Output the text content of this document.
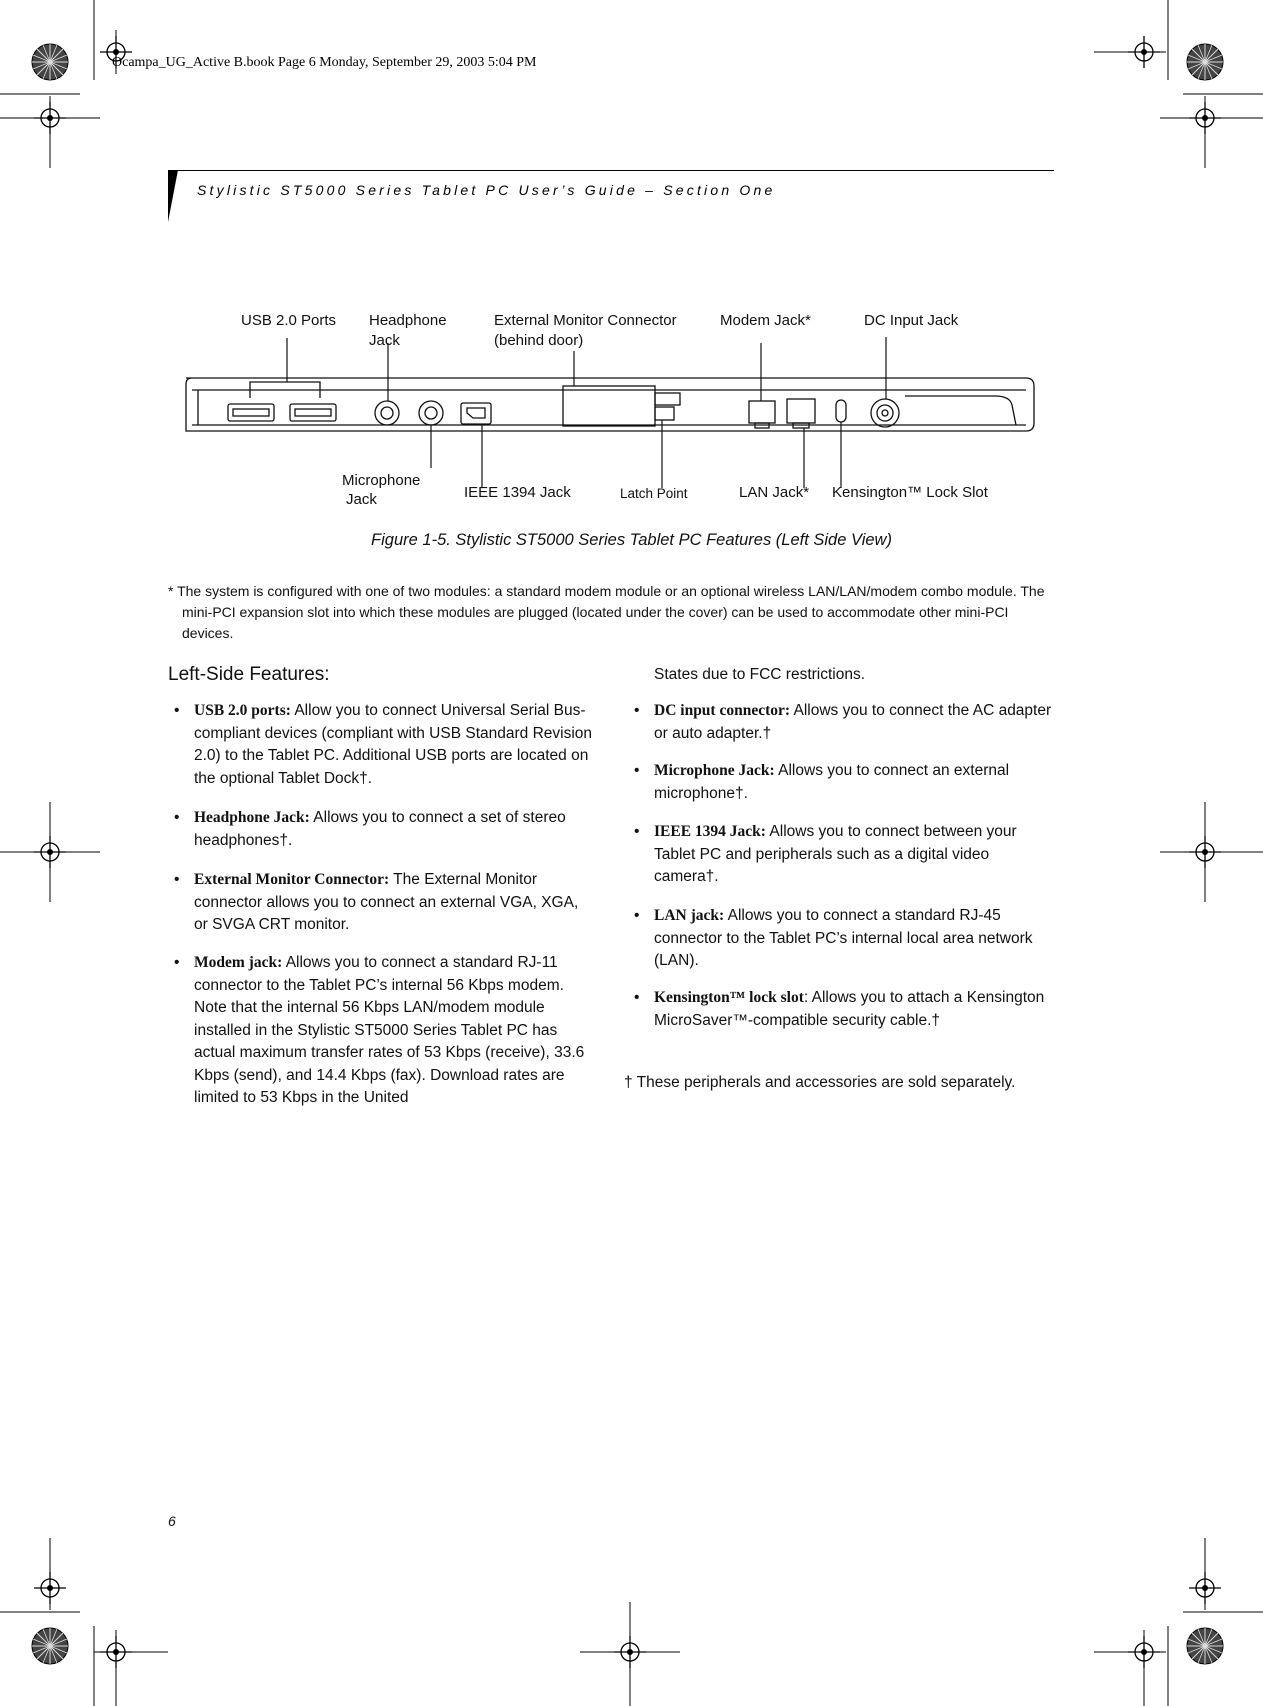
Ocampa_UG_Active B.book Page 6 Monday, September 29, 2003 5:04 PM
Stylistic ST5000 Series Tablet PC User’s Guide – Section One
USB 2.0 Ports Headphone
Jack
External Monitor Connector
(behind door)
Modem Jack*	DC Input Jack
Microphone
Jack	IEEE 1394 Jack	Latch Point	LAN Jack* Kensington™ Lock Slot
Figure 1-5. Stylistic ST5000 Series Tablet PC Features (Left Side View)
* The system is configured with one of two modules: a standard modem module or an optional wireless LAN/LAN/modem combo module. The mini-PCI expansion slot into which these modules are plugged (located under the cover) can be used to accommodate other mini-PCI devices.
Left-Side Features:
• USB 2.0 ports: Allow you to connect Universal Serial Bus-compliant devices (compliant with USB Standard Revision 2.0) to the Tablet PC. Additional USB ports are located on the optional Tablet Dock†.
• Headphone Jack: Allows you to connect a set of stereo headphones†.
• External Monitor Connector: The External Monitor connector allows you to connect an external VGA, XGA, or SVGA CRT monitor.
• Modem jack: Allows you to connect a standard RJ-11 connector to the Tablet PC’s internal 56 Kbps modem. Note that the internal 56 Kbps LAN/modem module installed in the Stylistic ST5000 Series Tablet PC has actual maximum transfer rates of 53 Kbps (receive), 33.6 Kbps (send), and 14.4 Kbps (fax). Download rates are limited to 53 Kbps in the United
States due to FCC restrictions.
• DC input connector: Allows you to connect the AC adapter or auto adapter.†
• Microphone Jack: Allows you to connect an external microphone†.
• IEEE 1394 Jack: Allows you to connect between your Tablet PC and peripherals such as a digital video camera†.
• LAN jack: Allows you to connect a standard RJ-45 connector to the Tablet PC’s internal local area network (LAN).
• Kensington™ lock slot: Allows you to attach a Kensington MicroSaver™-compatible security cable.†
† These peripherals and accessories are sold separately.
6
